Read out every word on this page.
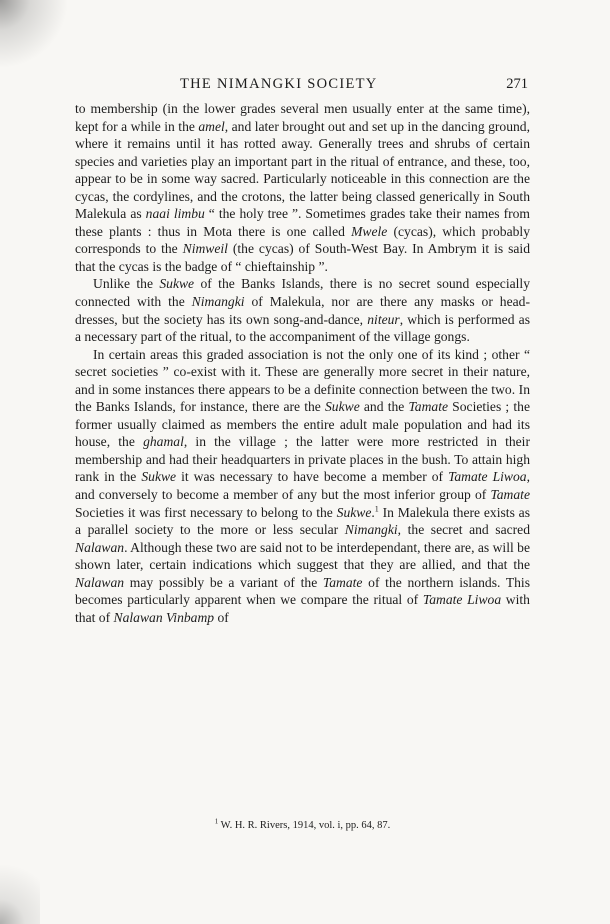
THE NIMANGKI SOCIETY	271

to membership (in the lower grades several men usually enter at the same time), kept for a while in the amel, and later brought out and set up in the dancing ground, where it remains until it has rotted away. Generally trees and shrubs of certain species and varieties play an important part in the ritual of entrance, and these, too, appear to be in some way sacred. Particularly noticeable in this connection are the cycas, the cordylines, and the crotons, the latter being classed generically in South Malekula as naai limbu “ the holy tree ”. Sometimes grades take their names from these plants : thus in Mota there is one called Mwele (cycas), which probably corresponds to the Nimweil (the cycas) of South-West Bay. In Ambrym it is said that the cycas is the badge of “ chieftainship ”.

Unlike the Sukwe of the Banks Islands, there is no secret sound especially connected with the Nimangki of Malekula, nor are there any masks or head-dresses, but the society has its own song-and-dance, niteur, which is performed as a necessary part of the ritual, to the accompaniment of the village gongs.

In certain areas this graded association is not the only one of its kind ; other “ secret societies ” co-exist with it. These are generally more secret in their nature, and in some instances there appears to be a definite connection between the two. In the Banks Islands, for instance, there are the Sukwe and the Tamate Societies ; the former usually claimed as members the entire adult male population and had its house, the ghamal, in the village ; the latter were more restricted in their membership and had their headquarters in private places in the bush. To attain high rank in the Sukwe it was necessary to have become a member of Tamate Liwoa, and conversely to become a member of any but the most inferior group of Tamate Societies it was first necessary to belong to the Sukwe.$^1$ In Malekula there exists as a parallel society to the more or less secular Nimangki, the secret and sacred Nalawan. Although these two are said not to be interdependant, there are, as will be shown later, certain indications which suggest that they are allied, and that the Nalawan may possibly be a variant of the Tamate of the northern islands. This becomes particularly apparent when we compare the ritual of Tamate Liwoa with that of Nalawan Vinbamp of

$^1$ W. H. R. Rivers, 1914, vol. i, pp. 64, 87.
